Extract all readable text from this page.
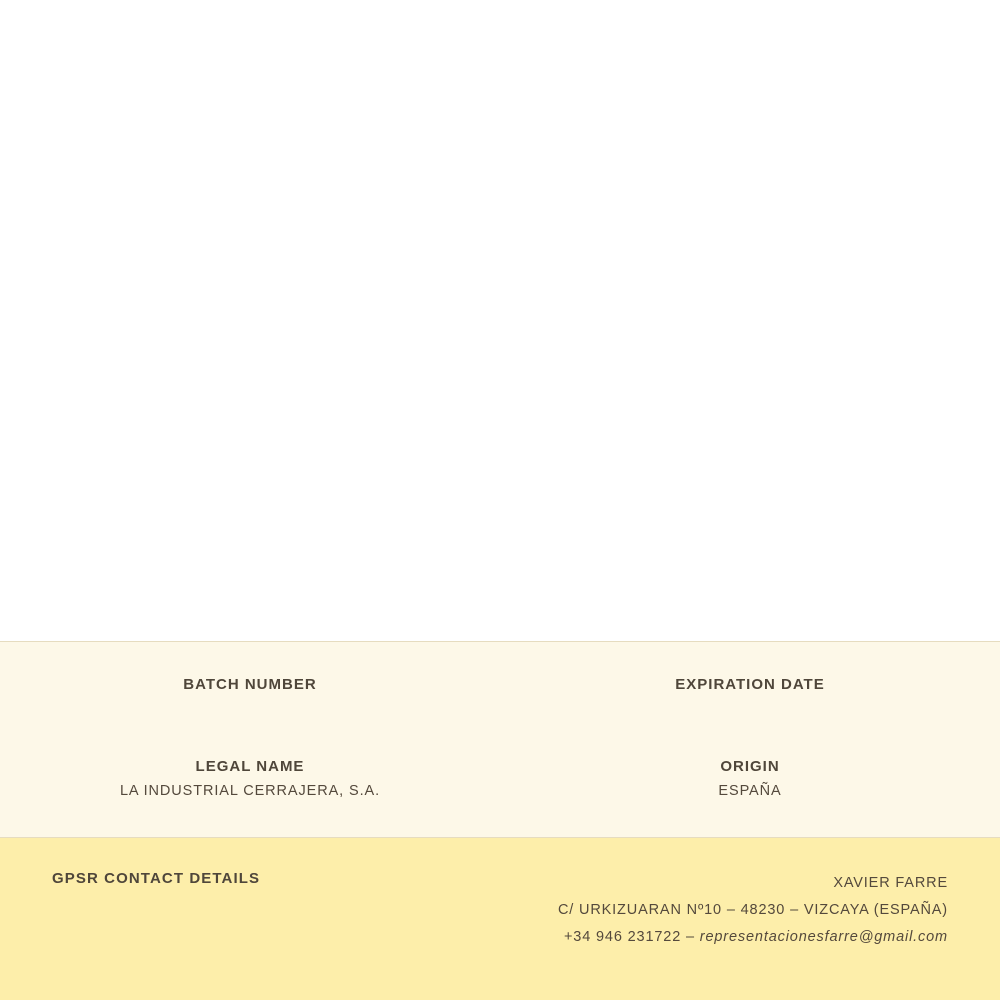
BATCH NUMBER	EXPIRATION DATE
LEGAL NAME
LA INDUSTRIAL CERRAJERA, S.A.
ORIGIN
ESPAÑA
GPSR CONTACT DETAILS	XAVIER FARRE
C/ URKIZUARAN Nº10 – 48230 – VIZCAYA (ESPAÑA)
+34 946 231722 – representacionesfarre@gmail.com
